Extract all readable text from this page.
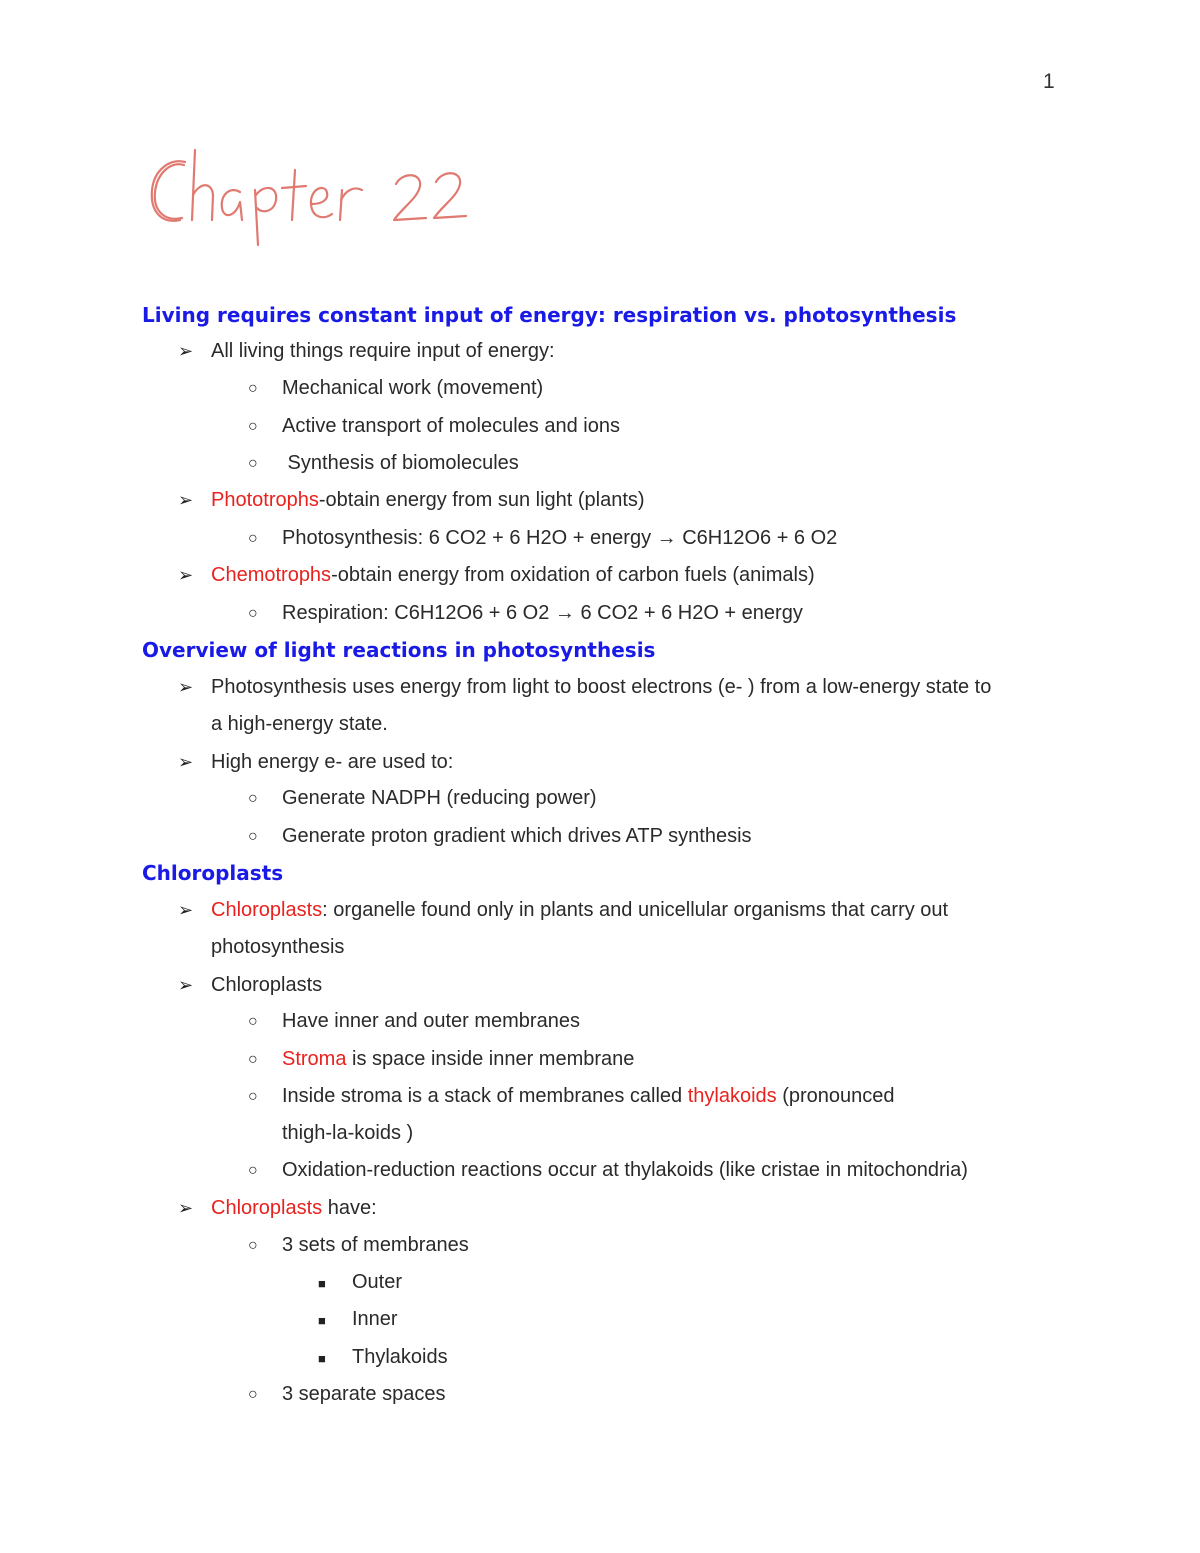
1
Living requires constant input of energy: respiration vs. photosynthesis
➢ All living things require input of energy:
○ Mechanical work (movement)
○ Active transport of molecules and ions
○ Synthesis of biomolecules
➢ Phototrophs-obtain energy from sun light (plants)
○ Photosynthesis: 6 CO2 + 6 H2O + energy → C6H12O6 + 6 O2
➢ Chemotrophs-obtain energy from oxidation of carbon fuels (animals)
○ Respiration: C6H12O6 + 6 O2 → 6 CO2 + 6 H2O + energy
Overview of light reactions in photosynthesis
➢ Photosynthesis uses energy from light to boost electrons (e- ) from a low-energy state to
a high-energy state.
➢ High energy e- are used to:
○ Generate NADPH (reducing power)
○ Generate proton gradient which drives ATP synthesis
Chloroplasts
➢ Chloroplasts: organelle found only in plants and unicellular organisms that carry out
photosynthesis
➢ Chloroplasts
○ Have inner and outer membranes
○ Stroma is space inside inner membrane
○ Inside stroma is a stack of membranes called thylakoids (pronounced
thigh-la-koids )
○ Oxidation-reduction reactions occur at thylakoids (like cristae in mitochondria)
➢ Chloroplasts have:
○ 3 sets of membranes
■ Outer
■ Inner
■ Thylakoids
○ 3 separate spaces
